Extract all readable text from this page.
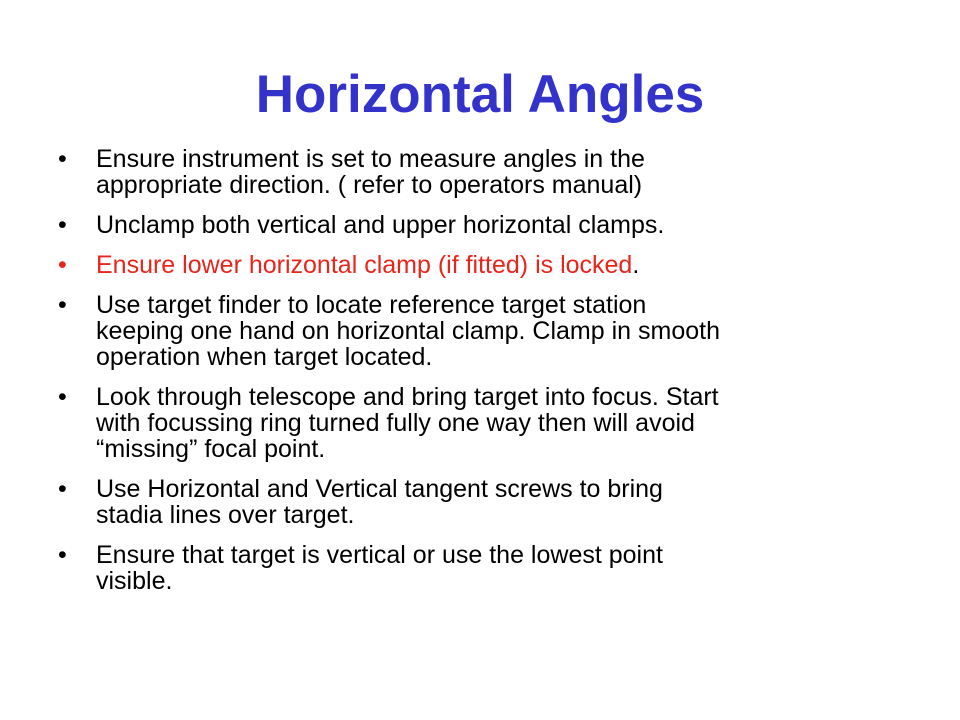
Horizontal Angles
• Ensure instrument is set to measure angles in the
appropriate direction. ( refer to operators manual)
• Unclamp both vertical and upper horizontal clamps.
• Ensure lower horizontal clamp (if fitted) is locked.
• Use target finder to locate reference target station
keeping one hand on horizontal clamp. Clamp in smooth
operation when target located.
• Look through telescope and bring target into focus. Start
with focussing ring turned fully one way then will avoid
“missing” focal point.
• Use Horizontal and Vertical tangent screws to bring
stadia lines over target.
• Ensure that target is vertical or use the lowest point
visible.
